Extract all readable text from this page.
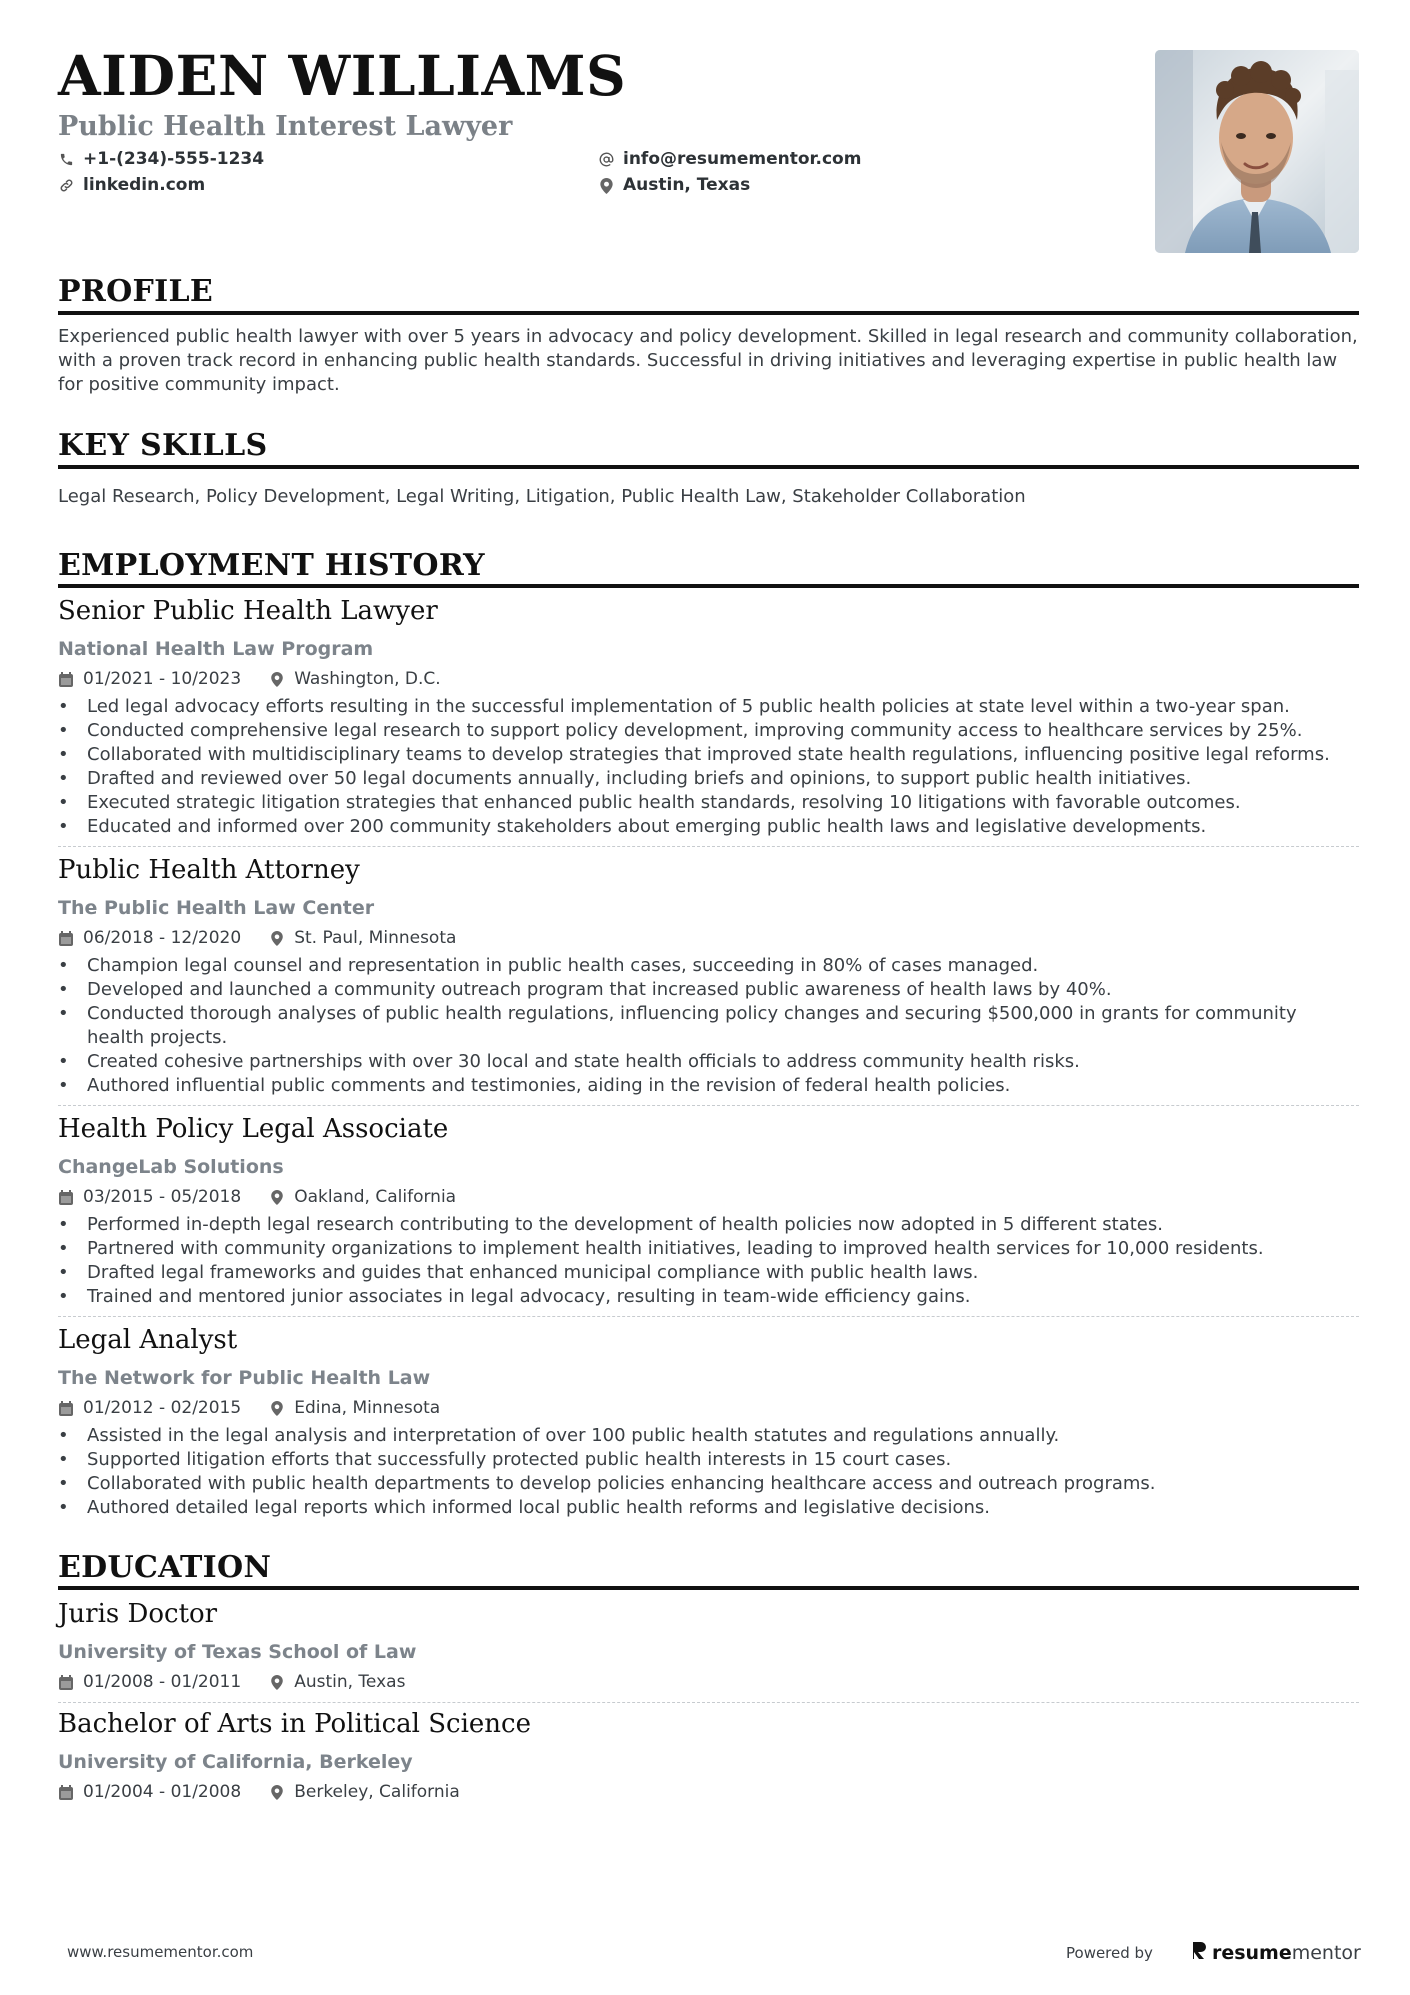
AIDEN WILLIAMS
Public Health Interest Lawyer
+1-(234)-555-1234
linkedin.com
info@resumementor.com
Austin, Texas
PROFILE
Experienced public health lawyer with over 5 years in advocacy and policy development. Skilled in legal research and community collaboration, with a proven track record in enhancing public health standards. Successful in driving initiatives and leveraging expertise in public health law for positive community impact.
KEY SKILLS
Legal Research, Policy Development, Legal Writing, Litigation, Public Health Law, Stakeholder Collaboration
EMPLOYMENT HISTORY
Senior Public Health Lawyer
National Health Law Program
01/2021 - 10/2023	Washington, D.C.
• Led legal advocacy efforts resulting in the successful implementation of 5 public health policies at state level within a two-year span.
• Conducted comprehensive legal research to support policy development, improving community access to healthcare services by 25%.
• Collaborated with multidisciplinary teams to develop strategies that improved state health regulations, influencing positive legal reforms.
• Drafted and reviewed over 50 legal documents annually, including briefs and opinions, to support public health initiatives.
• Executed strategic litigation strategies that enhanced public health standards, resolving 10 litigations with favorable outcomes.
• Educated and informed over 200 community stakeholders about emerging public health laws and legislative developments.
Public Health Attorney
The Public Health Law Center
06/2018 - 12/2020	St. Paul, Minnesota
• Champion legal counsel and representation in public health cases, succeeding in 80% of cases managed.
• Developed and launched a community outreach program that increased public awareness of health laws by 40%.
• Conducted thorough analyses of public health regulations, influencing policy changes and securing $500,000 in grants for community health projects.
• Created cohesive partnerships with over 30 local and state health officials to address community health risks.
• Authored influential public comments and testimonies, aiding in the revision of federal health policies.
Health Policy Legal Associate
ChangeLab Solutions
03/2015 - 05/2018	Oakland, California
• Performed in-depth legal research contributing to the development of health policies now adopted in 5 different states.
• Partnered with community organizations to implement health initiatives, leading to improved health services for 10,000 residents.
• Drafted legal frameworks and guides that enhanced municipal compliance with public health laws.
• Trained and mentored junior associates in legal advocacy, resulting in team-wide efficiency gains.
Legal Analyst
The Network for Public Health Law
01/2012 - 02/2015	Edina, Minnesota
• Assisted in the legal analysis and interpretation of over 100 public health statutes and regulations annually.
• Supported litigation efforts that successfully protected public health interests in 15 court cases.
• Collaborated with public health departments to develop policies enhancing healthcare access and outreach programs.
• Authored detailed legal reports which informed local public health reforms and legislative decisions.
EDUCATION
Juris Doctor
University of Texas School of Law
01/2008 - 01/2011	Austin, Texas
Bachelor of Arts in Political Science
University of California, Berkeley
01/2004 - 01/2008	Berkeley, California
www.resumementor.com	Powered by	resume mentor
